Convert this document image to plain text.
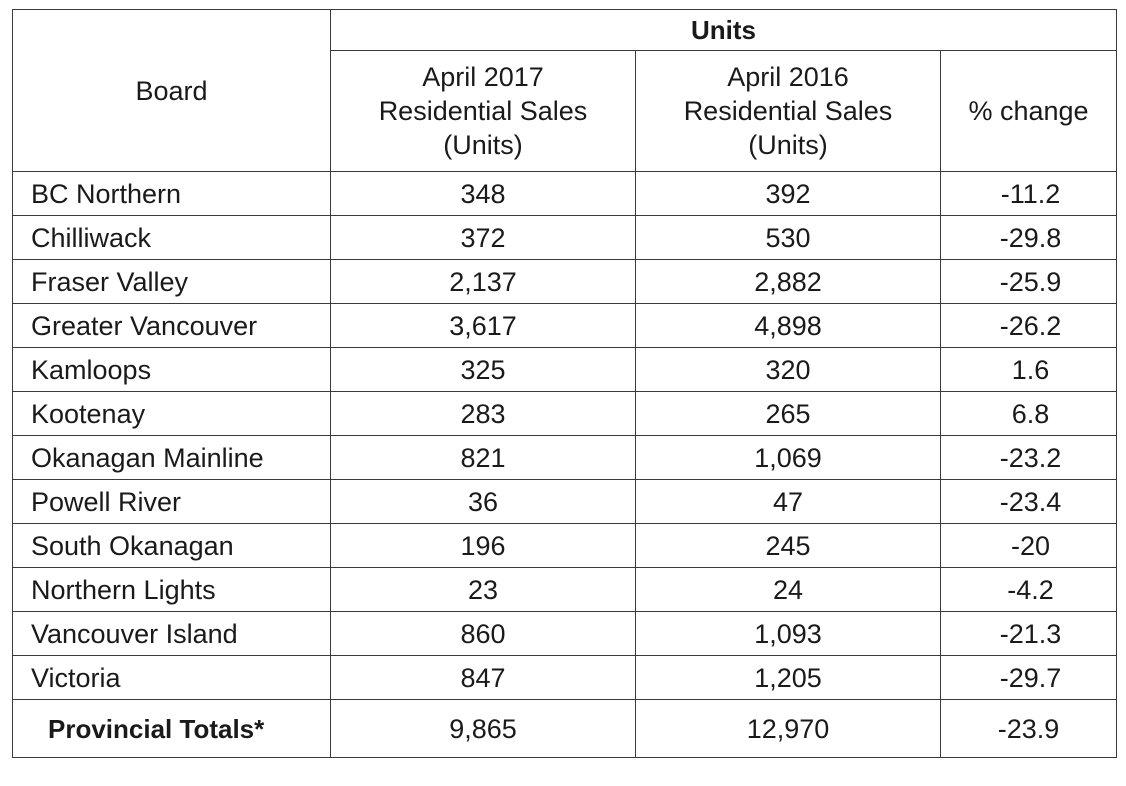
Board	Units		

	April 2017
Residential Sales
(Units)	April 2016
Residential Sales
(Units)	% change

BC Northern	348	392	-11.2
Chilliwack	372	530	-29.8
Fraser Valley	2,137	2,882	-25.9
Greater Vancouver	3,617	4,898	-26.2
Kamloops	325	320	1.6
Kootenay	283	265	6.8
Okanagan Mainline	821	1,069	-23.2
Powell River	36	47	-23.4
South Okanagan	196	245	-20
Northern Lights	23	24	-4.2
Vancouver Island	860	1,093	-21.3
Victoria	847	1,205	-29.7
Provincial Totals*	9,865	12,970	-23.9
